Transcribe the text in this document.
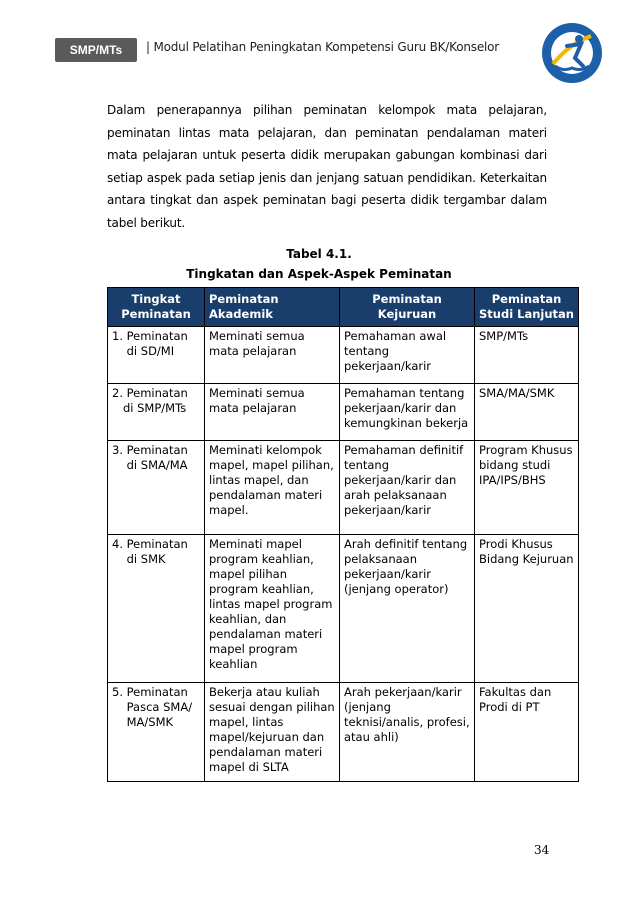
SMP/MTs	| Modul Pelatihan Peningkatan Kompetensi Guru BK/Konselor
Dalam penerapannya pilihan peminatan kelompok mata pelajaran, peminatan lintas mata pelajaran, dan peminatan pendalaman materi mata pelajaran untuk peserta didik merupakan gabungan kombinasi dari setiap aspek pada setiap jenis dan jenjang satuan pendidikan. Keterkaitan antara tingkat dan aspek peminatan bagi peserta didik tergambar dalam tabel berikut.
Tabel 4.1.
Tingkatan dan Aspek-Aspek Peminatan
Tingkat Peminatan	Peminatan Akademik	Peminatan Kejuruan	Peminatan Studi Lanjutan
1. Peminatan
di SD/MI	Meminati semua mata pelajaran	Pemahaman awal tentang pekerjaan/karir	SMP/MTs
2. Peminatan
di SMP/MTs	Meminati semua mata pelajaran	Pemahaman tentang pekerjaan/karir dan kemungkinan bekerja	SMA/MA/SMK
3. Peminatan
di SMA/MA	Meminati kelompok mapel, mapel pilihan, lintas mapel, dan pendalaman materi mapel.	Pemahaman definitif tentang pekerjaan/karir dan arah pelaksanaan pekerjaan/karir	Program Khusus bidang studi IPA/IPS/BHS
4. Peminatan
di SMK	Meminati mapel program keahlian, mapel pilihan program keahlian, lintas mapel program keahlian, dan pendalaman materi mapel program keahlian	Arah definitif tentang pelaksanaan pekerjaan/karir (jenjang operator)	Prodi Khusus Bidang Kejuruan
5. Peminatan
Pasca SMA/
MA/SMK	Bekerja atau kuliah sesuai dengan pilihan mapel, lintas mapel/kejuruan dan pendalaman materi mapel di SLTA	Arah pekerjaan/karir (jenjang teknisi/analis, profesi, atau ahli)	Fakultas dan Prodi di PT
34
